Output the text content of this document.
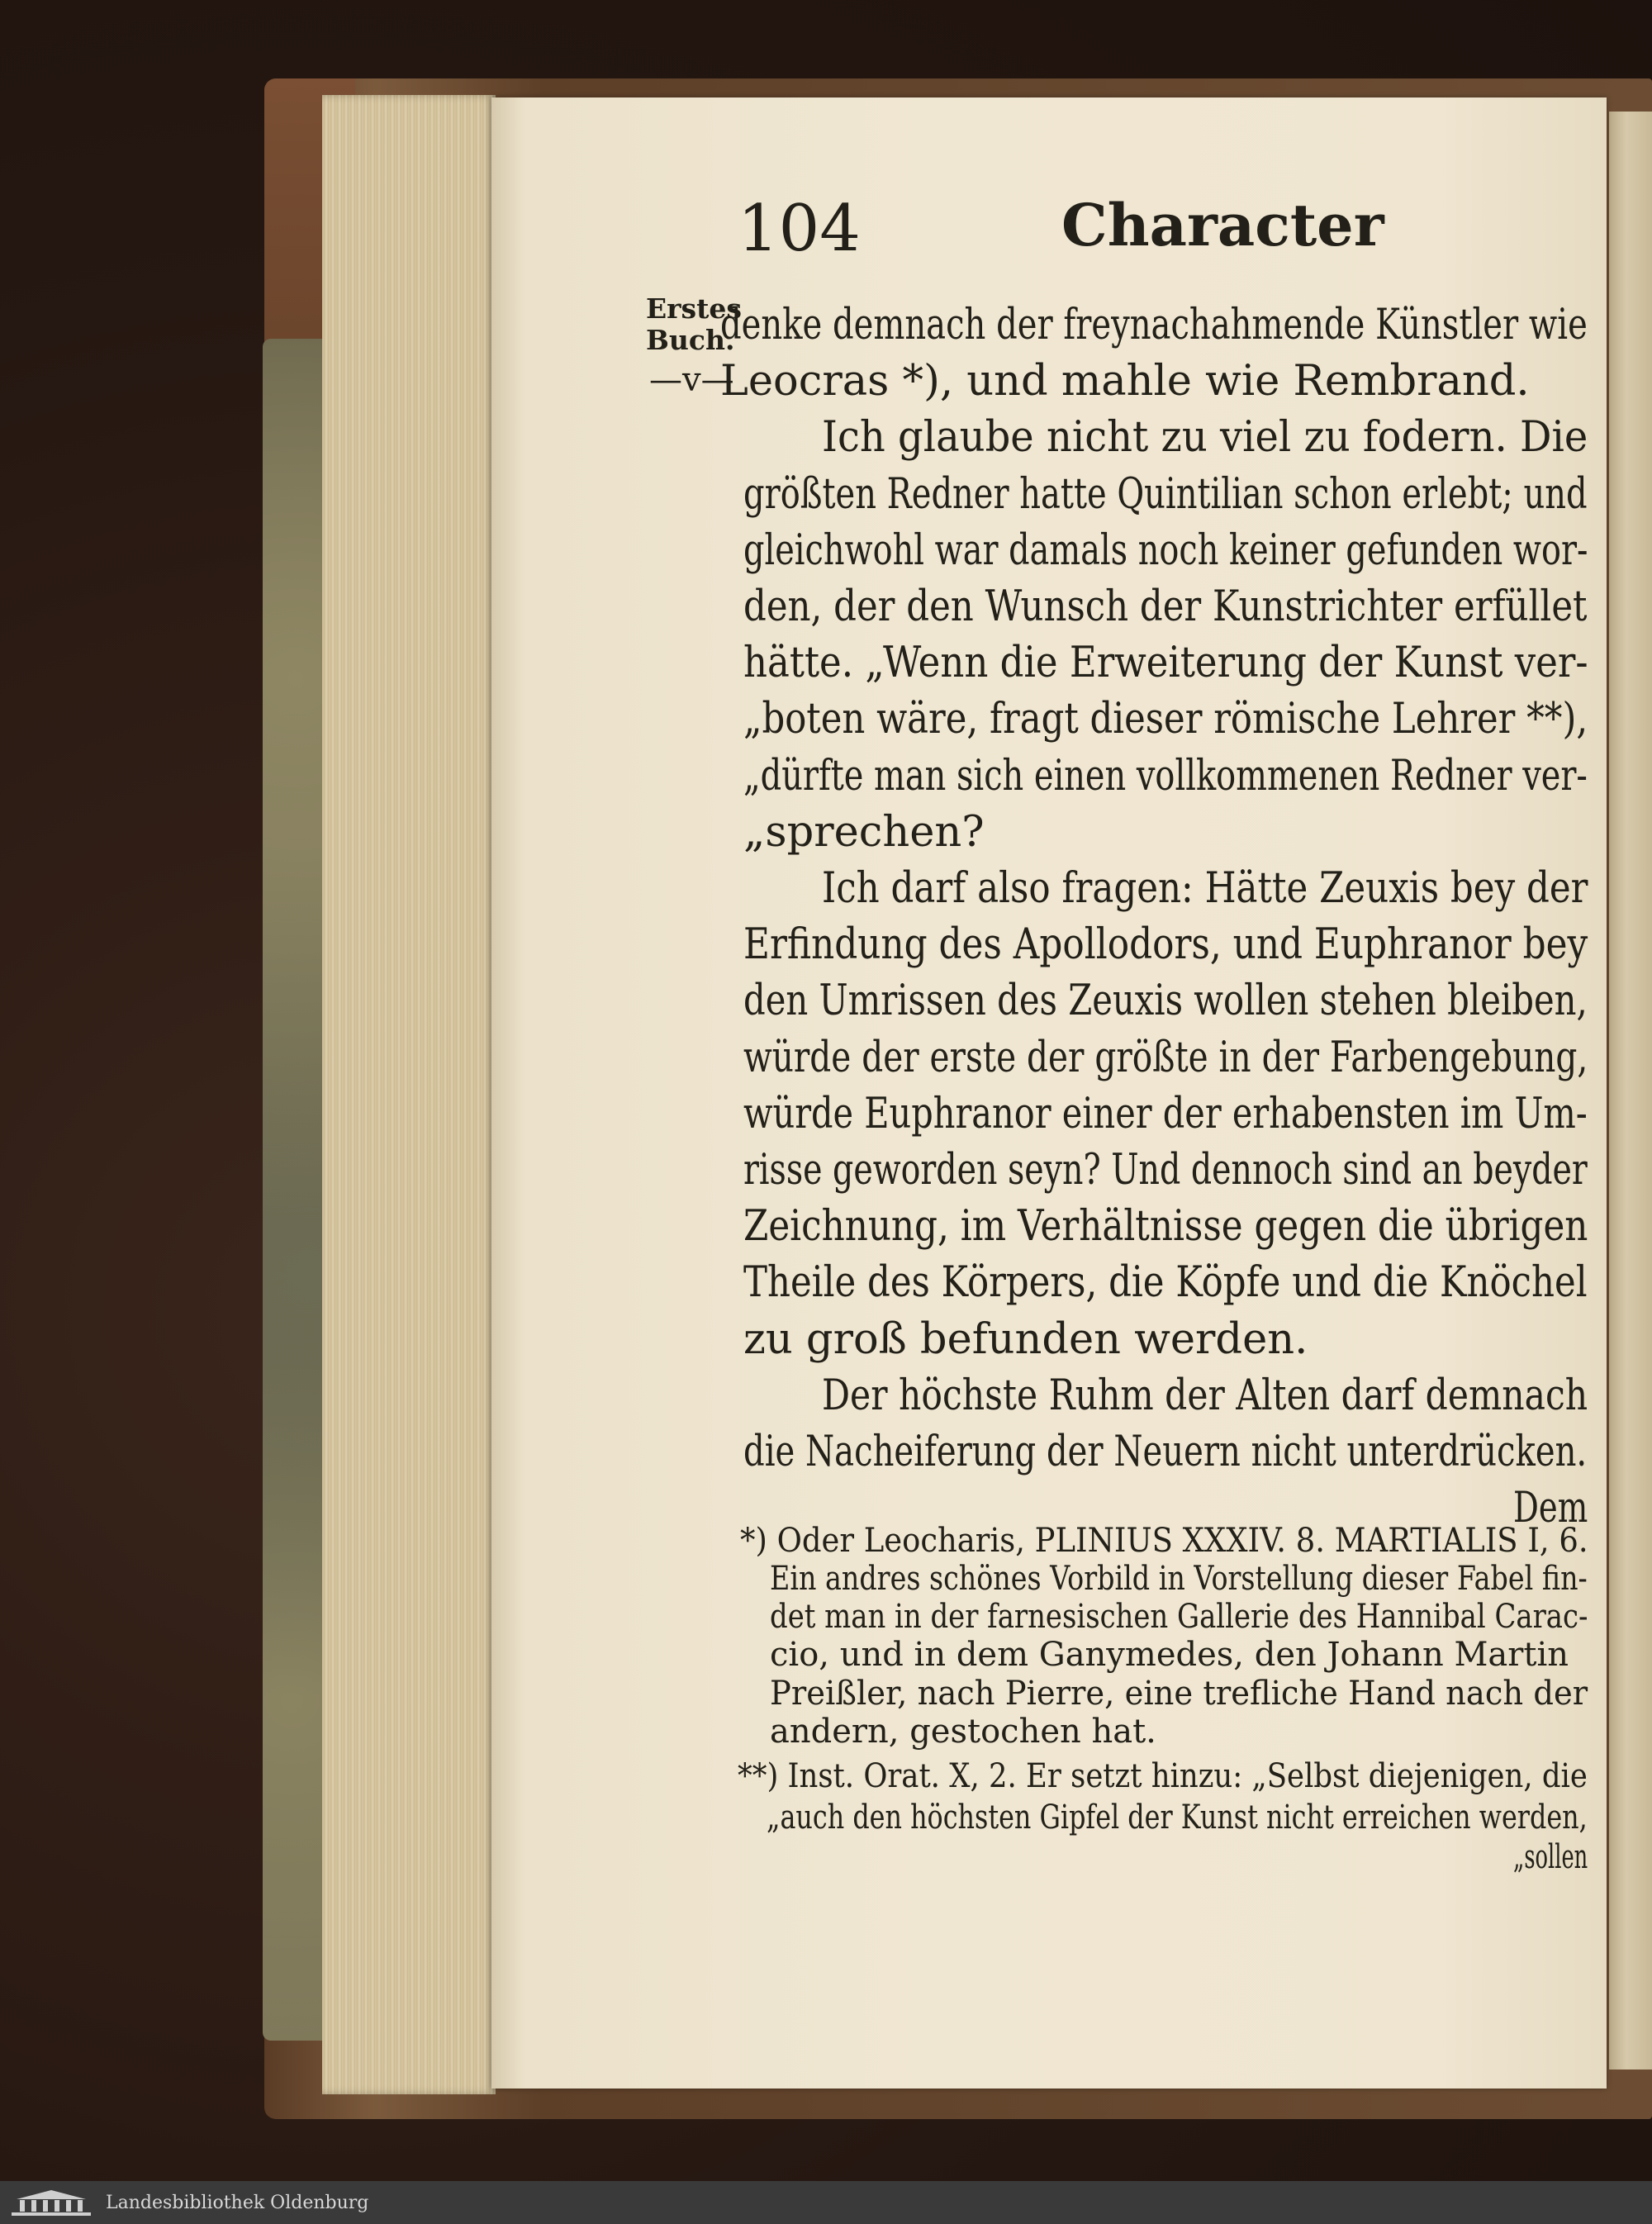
104	Character
Erstes
Buch.
—v—
denke demnach der freynachahmende Künstler wie
Leocras *), und mahle wie Rembrand.
Ich glaube nicht zu viel zu fodern. Die
größten Redner hatte Quintilian schon erlebt; und
gleichwohl war damals noch keiner gefunden wor-
den, der den Wunsch der Kunstrichter erfüllet
hätte. „Wenn die Erweiterung der Kunst ver-
„boten wäre, fragt dieser römische Lehrer **),
„dürfte man sich einen vollkommenen Redner ver-
„sprechen?
Ich darf also fragen: Hätte Zeuxis bey der
Erfindung des Apollodors, und Euphranor bey
den Umrissen des Zeuxis wollen stehen bleiben,
würde der erste der größte in der Farbengebung,
würde Euphranor einer der erhabensten im Um-
risse geworden seyn? Und dennoch sind an beyder
Zeichnung, im Verhältnisse gegen die übrigen
Theile des Körpers, die Köpfe und die Knöchel
zu groß befunden werden.
Der höchste Ruhm der Alten darf demnach
die Nacheiferung der Neuern nicht unterdrücken.
Dem
*) Oder Leocharis, PLINIUS XXXIV. 8. MARTIALIS I, 6.
Ein andres schönes Vorbild in Vorstellung dieser Fabel fin-
det man in der farnesischen Gallerie des Hannibal Carac-
cio, und in dem Ganymedes, den Johann Martin
Preißler, nach Pierre, eine trefliche Hand nach der
andern, gestochen hat.
**) Inst. Orat. X, 2. Er setzt hinzu: „Selbst diejenigen, die
„auch den höchsten Gipfel der Kunst nicht erreichen werden,
„sollen
Landesbibliothek Oldenburg
